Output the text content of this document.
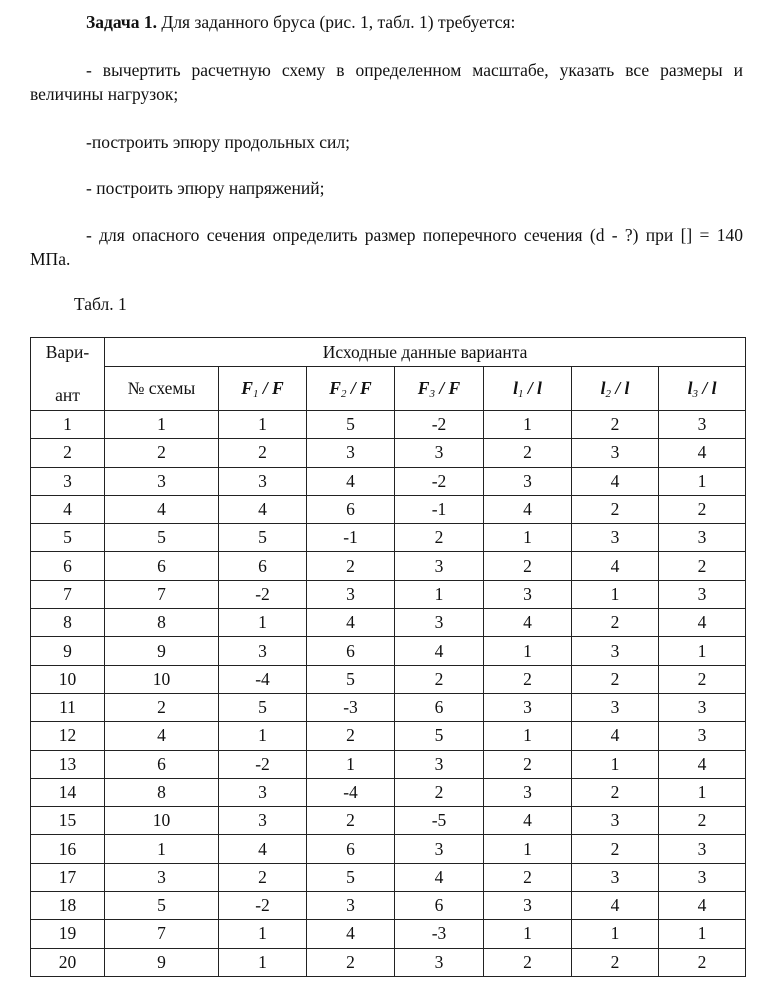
Задача 1. Для заданного бруса (рис. 1, табл. 1) требуется:

- вычертить расчетную схему в определенном масштабе, указать все размеры и величины нагрузок;

-построить эпюру продольных сил;

- построить эпюру напряжений;

- для опасного сечения определить размер поперечного сечения (d - ?) при [] = 140 МПа.

Табл. 1
Вари-
ант	Исходные данные варианта						
	№ схемы	$F_1$ / F	$F_2$ / F	$F_3$ / F	$l_1$ / l	$l_2$ / l	$l_3$ / l
1	1	1	5	-2	1	2	3
2	2	2	3	3	2	3	4
3	3	3	4	-2	3	4	1
4	4	4	6	-1	4	2	2
5	5	5	-1	2	1	3	3
6	6	6	2	3	2	4	2
7	7	-2	3	1	3	1	3
8	8	1	4	3	4	2	4
9	9	3	6	4	1	3	1
10	10	-4	5	2	2	2	2
11	2	5	-3	6	3	3	3
12	4	1	2	5	1	4	3
13	6	-2	1	3	2	1	4
14	8	3	-4	2	3	2	1
15	10	3	2	-5	4	3	2
16	1	4	6	3	1	2	3
17	3	2	5	4	2	3	3
18	5	-2	3	6	3	4	4
19	7	1	4	-3	1	1	1
20	9	1	2	3	2	2	2
